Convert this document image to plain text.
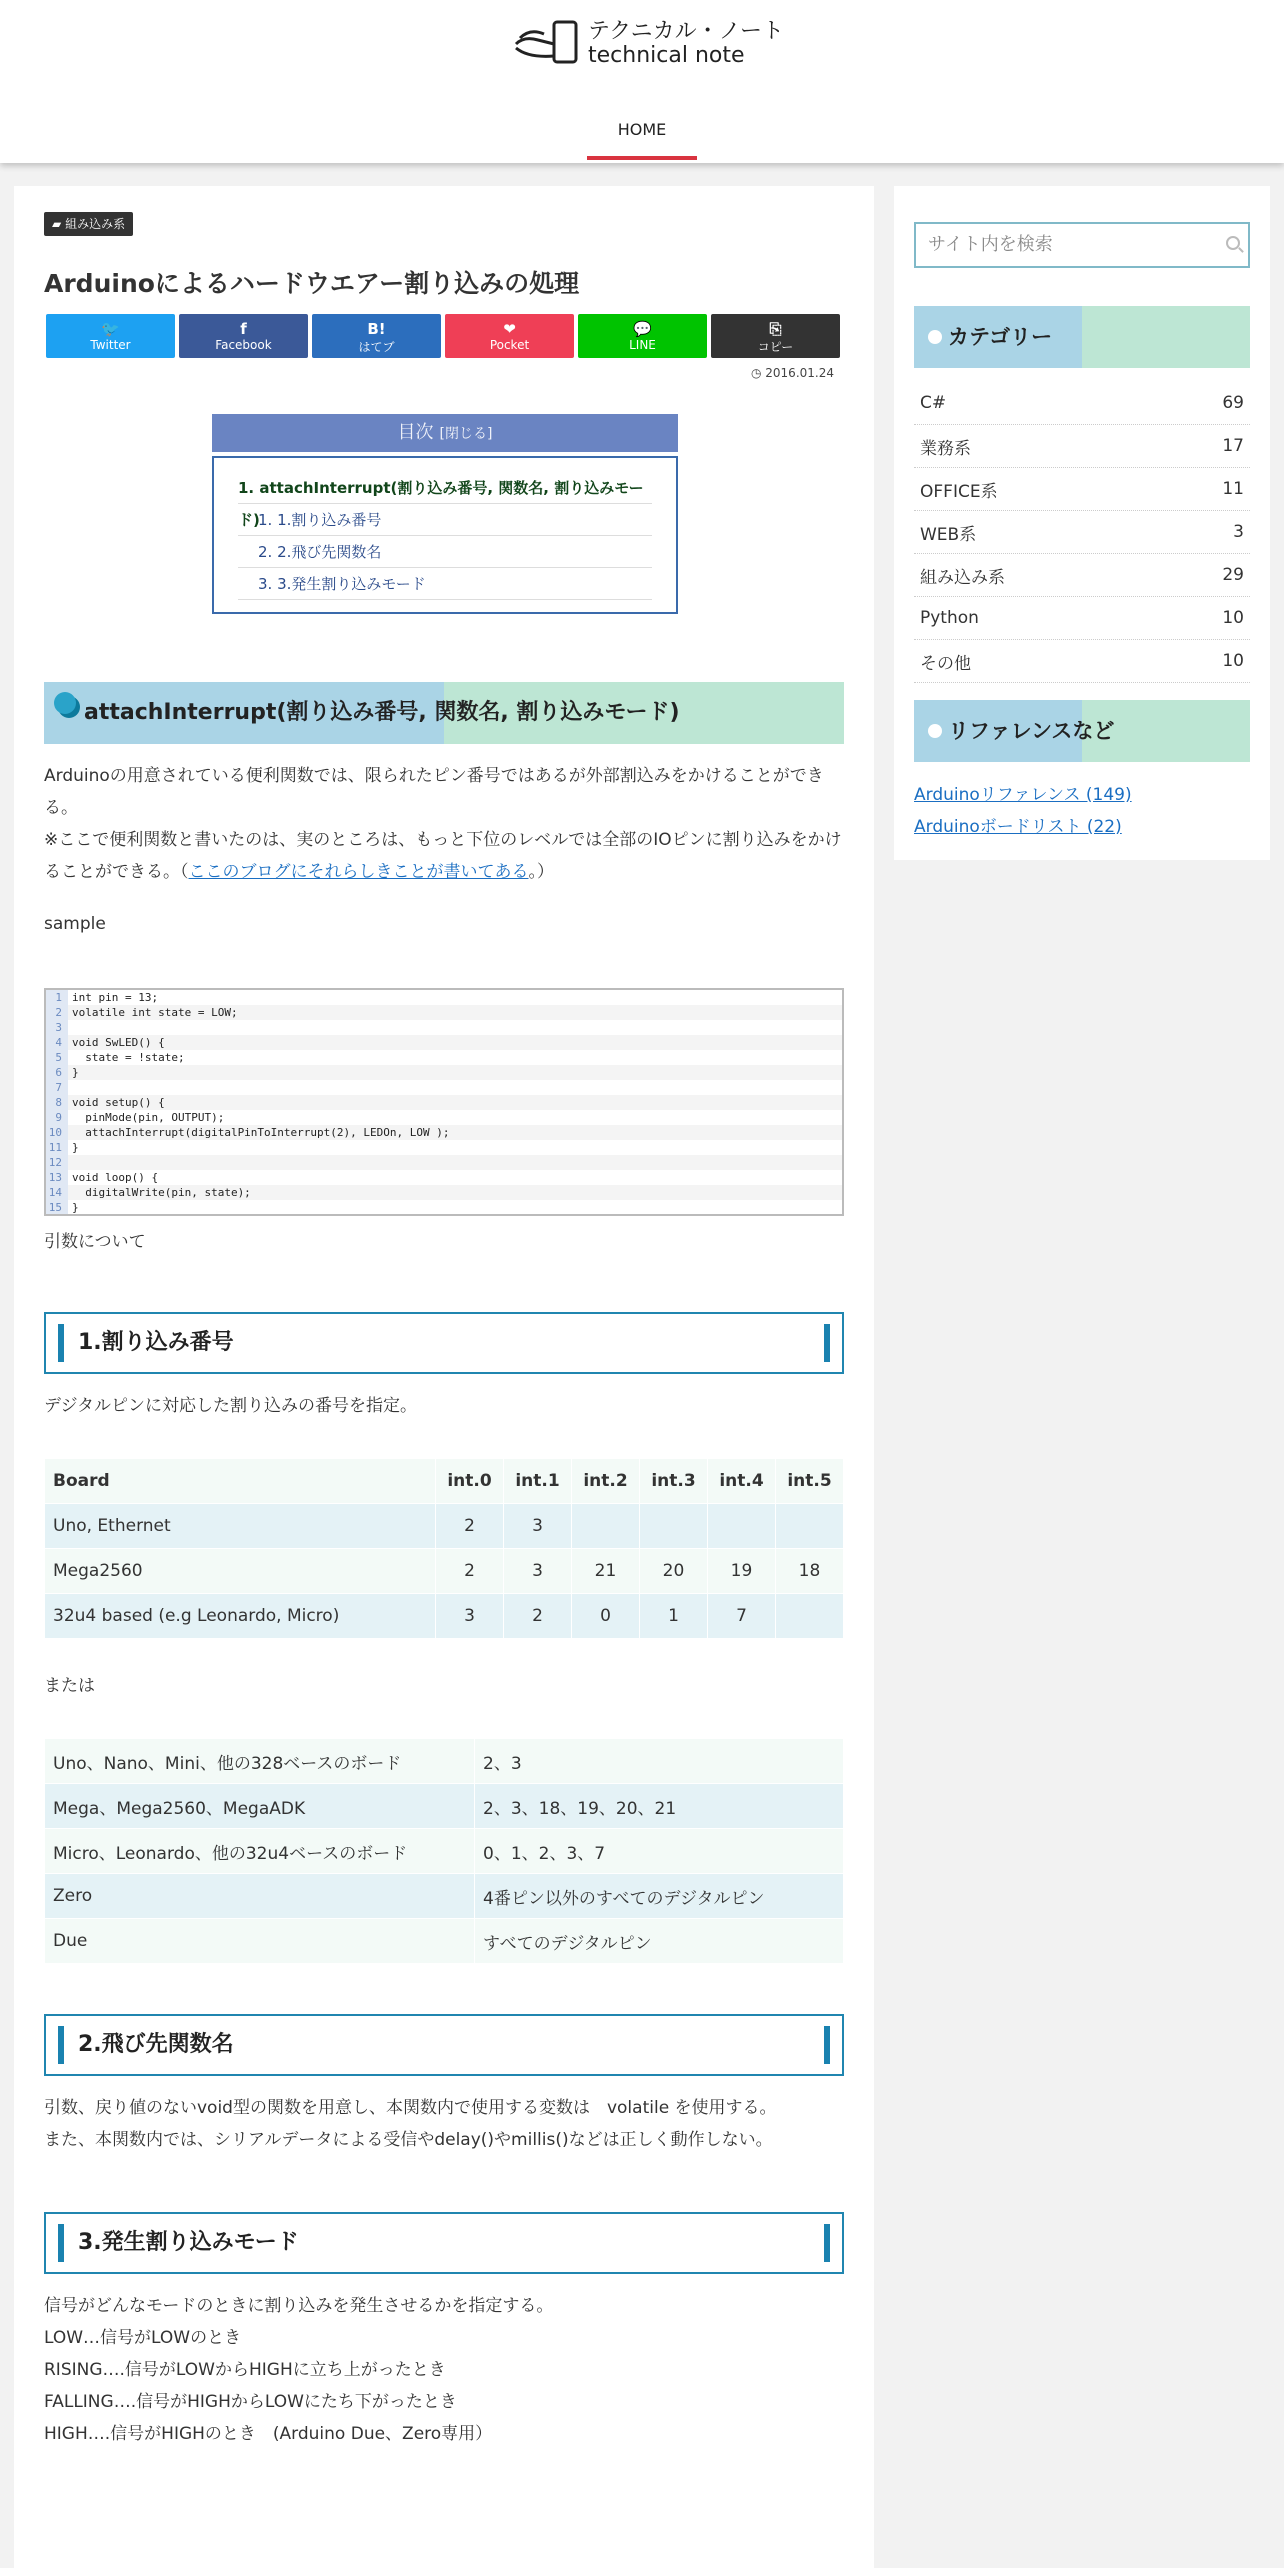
テクニカル・ノート
technical note
HOME
▰ 組み込み系
Arduinoによるハードウエアー割り込みの処理
🐦
Twitter
f
Facebook
B!
はてブ
❤
Pocket
💬
LINE
⎘
コピー
◷ 2016.01.24
目次 [閉じる]
1. attachInterrupt(割り込み番号, 関数名, 割り込みモード)
1. 1.割り込み番号
2. 2.飛び先関数名
3. 3.発生割り込みモード
attachInterrupt(割り込み番号, 関数名, 割り込みモード)
Arduinoの用意されている便利関数では、限られたピン番号ではあるが外部割込みをかけることができる。
※ここで便利関数と書いたのは、実のところは、もっと下位のレベルでは全部のIOピンに割り込みをかけることができる。（ここのブログにそれらしきことが書いてある。）
sample
1 int pin = 13;
2 volatile int state = LOW;
3
4 void SwLED() {
5 state = !state;
6 }
7
8 void setup() {
9 pinMode(pin, OUTPUT);
10 attachInterrupt(digitalPinToInterrupt(2), LEDOn, LOW );
11 }
12
13 void loop() {
14 digitalWrite(pin, state);
15 }
引数について
1.割り込み番号
デジタルピンに対応した割り込みの番号を指定。
Board	int.0	int.1	int.2	int.3	int.4	int.5
Uno, Ethernet	2	3				
Mega2560	2	3	21	20	19	18
32u4 based (e.g Leonardo, Micro)	3	2	0	1	7	
または
Uno、Nano、Mini、他の328ベースのボード	2、3
Mega、Mega2560、MegaADK	2、3、18、19、20、21
Micro、Leonardo、他の32u4ベースのボード	0、1、2、3、7
Zero	4番ピン以外のすべてのデジタルピン
Due	すべてのデジタルピン
2.飛び先関数名
引数、戻り値のないvoid型の関数を用意し、本関数内で使用する変数は　volatile を使用する。
また、本関数内では、シリアルデータによる受信やdelay()やmillis()などは正しく動作しない。
3.発生割り込みモード
信号がどんなモードのときに割り込みを発生させるかを指定する。
LOW…信号がLOWのとき
RISING….信号がLOWからHIGHに立ち上がったとき
FALLING….信号がHIGHからLOWにたち下がったとき
HIGH….信号がHIGHのとき　(Arduino Due、Zero専用）
サイト内を検索
カテゴリー
C#	69
業務系	17
OFFICE系	11
WEB系	3
組み込み系	29
Python	10
その他	10
リファレンスなど
Arduinoリファレンス (149)
Arduinoボードリスト (22)
